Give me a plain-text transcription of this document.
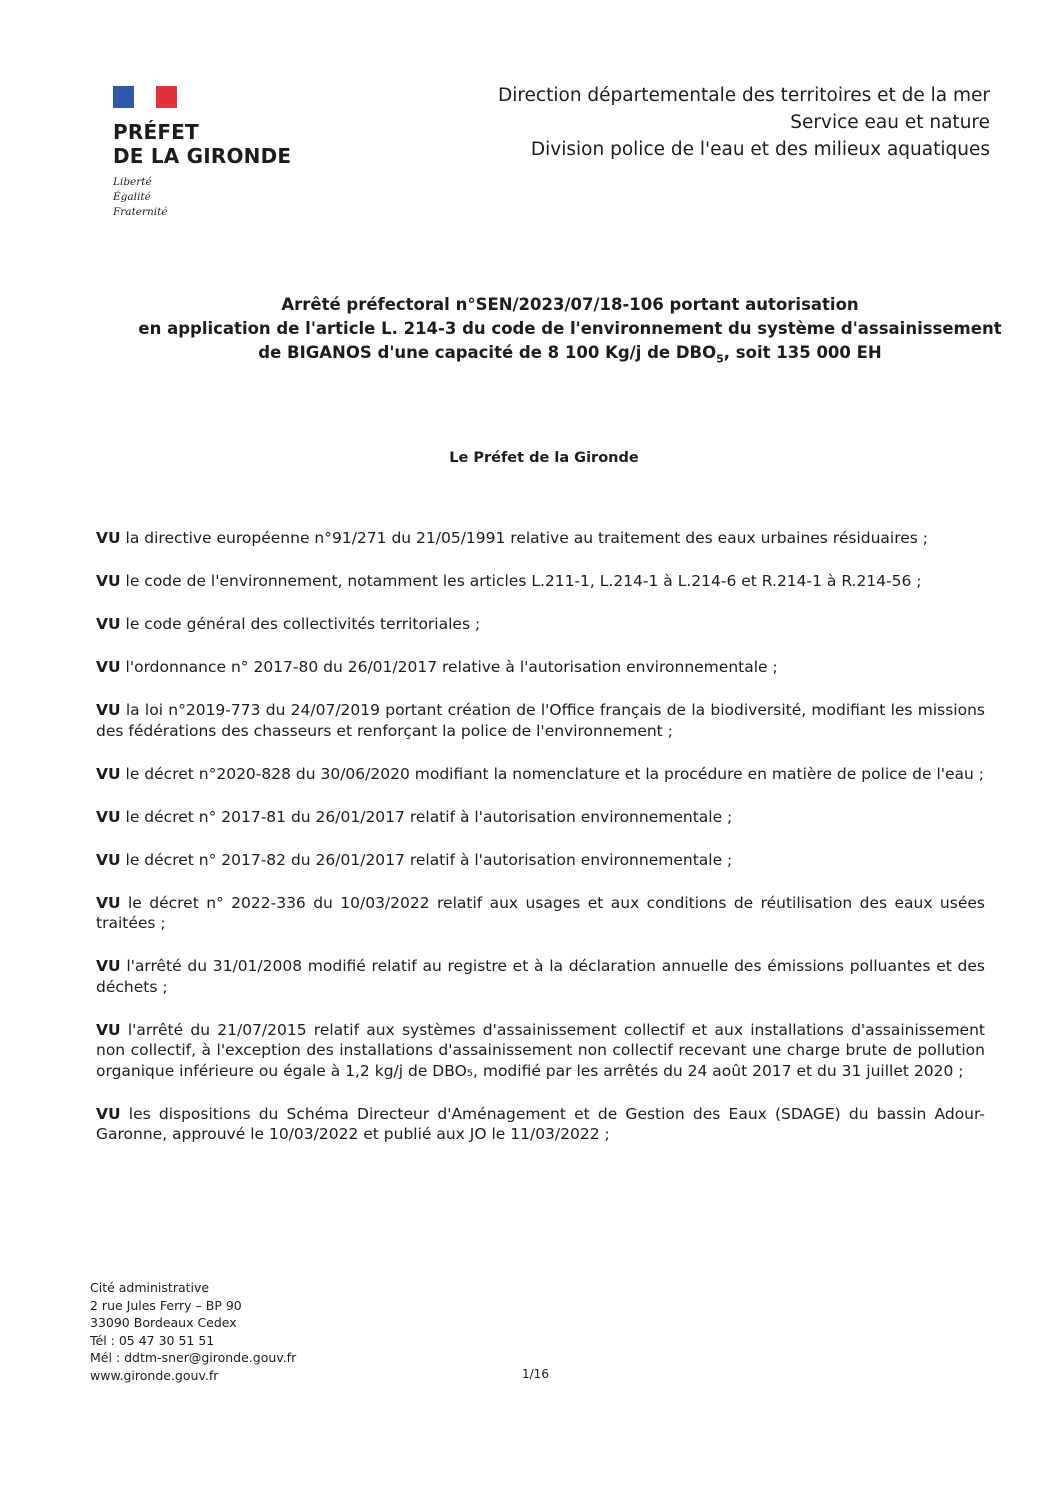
PRÉFET
DE LA GIRONDE
Liberté
Égalité
Fraternité
Direction départementale des territoires et de la mer
Service eau et nature
Division police de l'eau et des milieux aquatiques
Arrêté préfectoral n°SEN/2023/07/18-106 portant autorisation
en application de l'article L. 214-3 du code de l'environnement du système d'assainissement
de BIGANOS d'une capacité de 8 100 Kg/j de $DBO_5$, soit 135 000 EH
Le Préfet de la Gironde

VU la directive européenne n°91/271 du 21/05/1991 relative au traitement des eaux urbaines résiduaires ;

VU le code de l'environnement, notamment les articles L.211-1, L.214-1 à L.214-6 et R.214-1 à R.214-56 ;

VU le code général des collectivités territoriales ;

VU l'ordonnance n° 2017-80 du 26/01/2017 relative à l'autorisation environnementale ;

VU la loi n°2019-773 du 24/07/2019 portant création de l'Office français de la biodiversité, modifiant les missions des fédérations des chasseurs et renforçant la police de l'environnement ;

VU le décret n°2020-828 du 30/06/2020 modifiant la nomenclature et la procédure en matière de police de l'eau ;

VU le décret n° 2017-81 du 26/01/2017 relatif à l'autorisation environnementale ;

VU le décret n° 2017-82 du 26/01/2017 relatif à l'autorisation environnementale ;

VU le décret n° 2022-336 du 10/03/2022 relatif aux usages et aux conditions de réutilisation des eaux usées traitées ;

VU l'arrêté du 31/01/2008 modifié relatif au registre et à la déclaration annuelle des émissions polluantes et des déchets ;

VU l'arrêté du 21/07/2015 relatif aux systèmes d'assainissement collectif et aux installations d'assainissement non collectif, à l'exception des installations d'assainissement non collectif recevant une charge brute de pollution organique inférieure ou égale à 1,2 kg/j de DBO₅, modifié par les arrêtés du 24 août 2017 et du 31 juillet 2020 ;

VU les dispositions du Schéma Directeur d'Aménagement et de Gestion des Eaux (SDAGE) du bassin Adour-Garonne, approuvé le 10/03/2022 et publié aux JO le 11/03/2022 ;

Cité administrative
2 rue Jules Ferry – BP 90
33090 Bordeaux Cedex
Tél : 05 47 30 51 51
Mél : ddtm-sner@gironde.gouv.fr
www.gironde.gouv.fr	1/16
